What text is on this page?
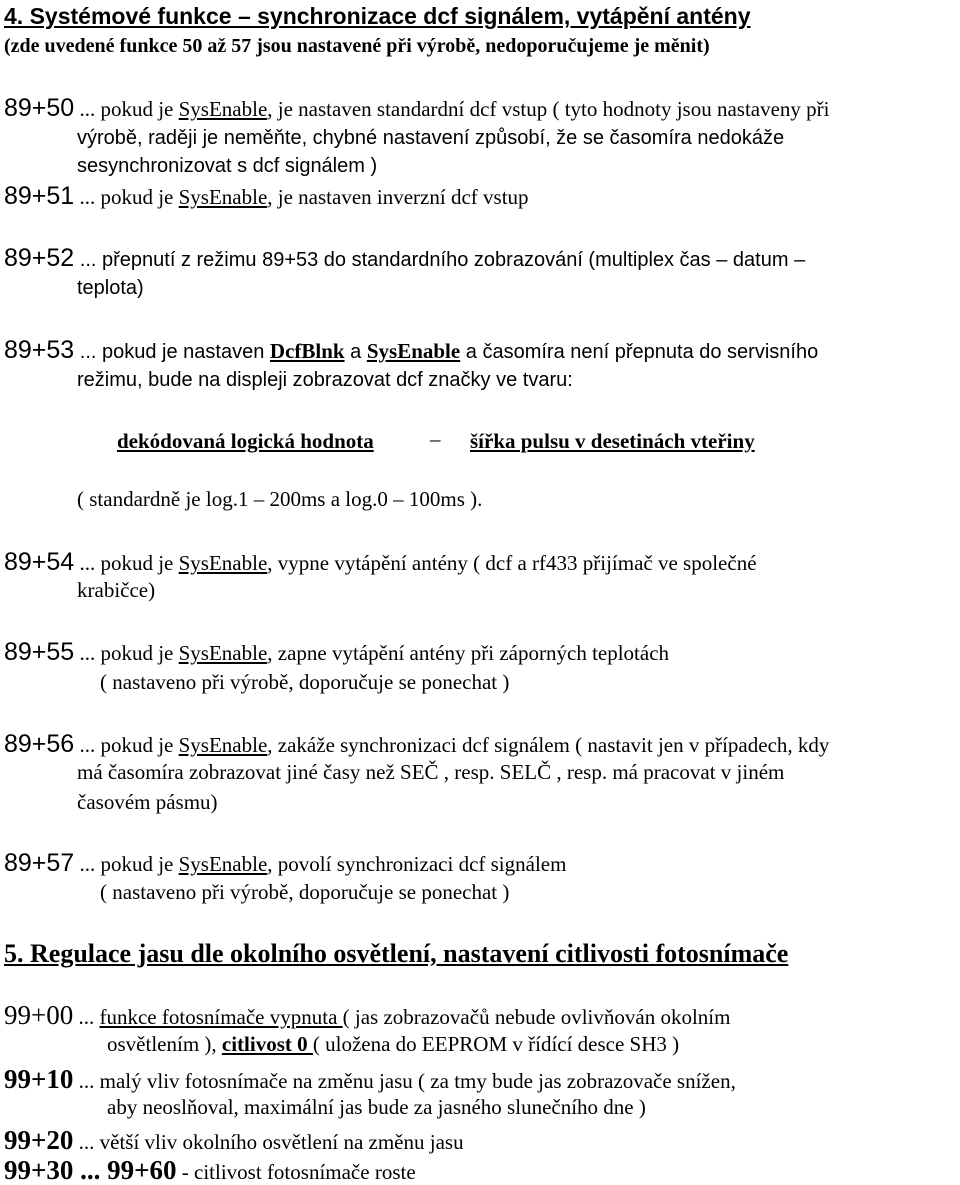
4. Systémové funkce – synchronizace dcf signálem, vytápění antény
(zde uvedené funkce 50 až 57 jsou nastavené při výrobě, nedoporučujeme je měnit)
89+50 ... pokud je SysEnable, je nastaven standardní dcf vstup ( tyto hodnoty jsou nastaveny při
výrobě, raději je neměňte, chybné nastavení způsobí, že se časomíra nedokáže
sesynchronizovat s dcf signálem )
89+51 ... pokud je SysEnable, je nastaven inverzní dcf vstup
89+52 ... přepnutí z režimu 89+53 do standardního zobrazování (multiplex čas – datum –
teplota)
89+53 ... pokud je nastaven DcfBlnk a SysEnable a časomíra není přepnuta do servisního
režimu, bude na displeji zobrazovat dcf značky ve tvaru:
dekódovaná logická hodnota	– šířka pulsu v desetinách vteřiny
( standardně je log.1 – 200ms a log.0 – 100ms ).
89+54 ... pokud je SysEnable, vypne vytápění antény ( dcf a rf433 přijímač ve společné
krabičce)
89+55 ... pokud je SysEnable, zapne vytápění antény při záporných teplotách
( nastaveno při výrobě, doporučuje se ponechat )
89+56 ... pokud je SysEnable, zakáže synchronizaci dcf signálem ( nastavit jen v případech, kdy
má časomíra zobrazovat jiné časy než SEČ , resp. SELČ , resp. má pracovat v jiném
časovém pásmu)
89+57 ... pokud je SysEnable, povolí synchronizaci dcf signálem
( nastaveno při výrobě, doporučuje se ponechat )
5. Regulace jasu dle okolního osvětlení, nastavení citlivosti fotosnímače
99+00 ... funkce fotosnímače vypnuta ( jas zobrazovačů nebude ovlivňován okolním
osvětlením ), citlivost 0 ( uložena do EEPROM v řídící desce SH3 )
99+10 ... malý vliv fotosnímače na změnu jasu ( za tmy bude jas zobrazovače snížen,
aby neoslňoval, maximální jas bude za jasného slunečního dne )
99+20 ... větší vliv okolního osvětlení na změnu jasu
99+30 ... 99+60 - citlivost fotosnímače roste
